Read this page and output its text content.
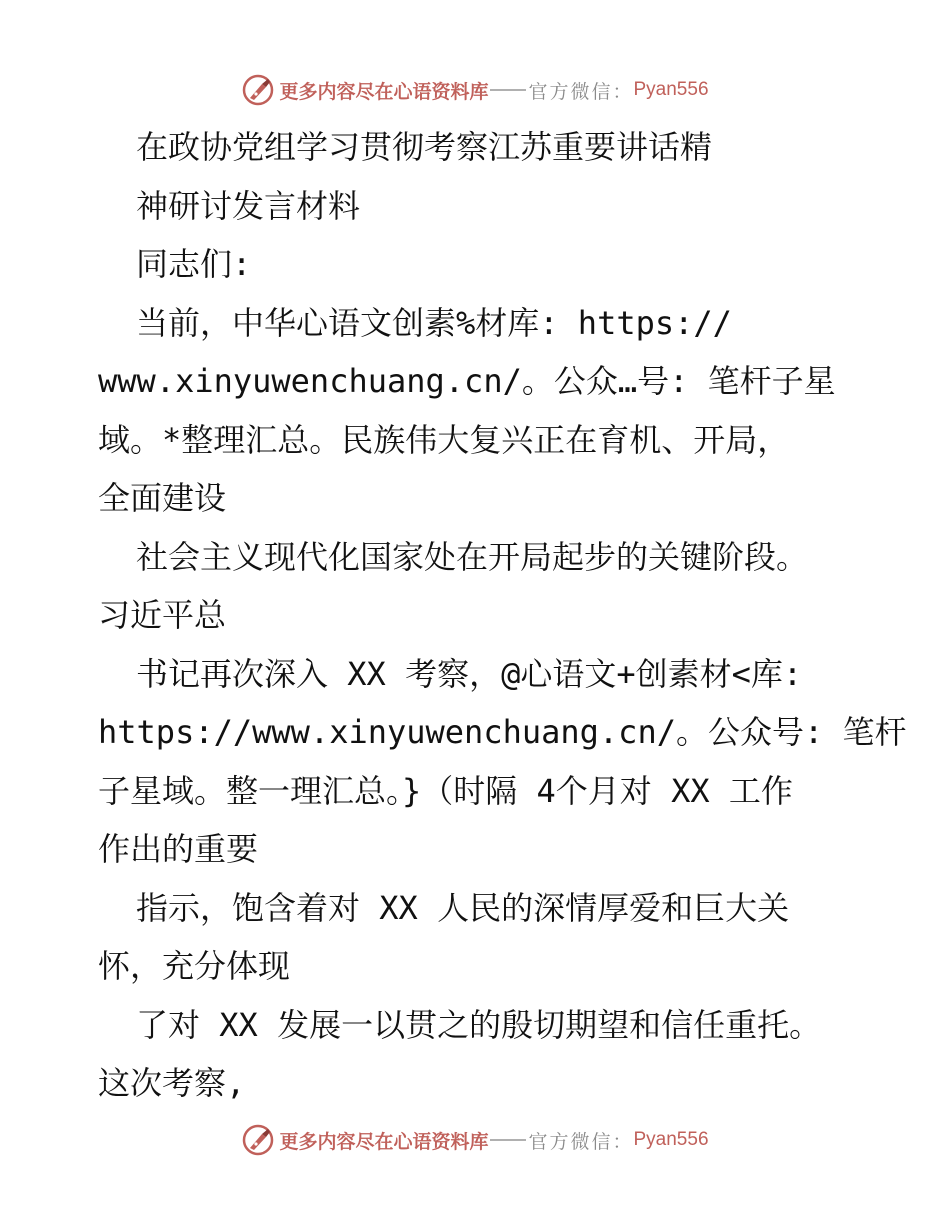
更多内容尽在心语资料库 官方微信： Pyan556
在政协党组学习贯彻考察江苏重要讲话精
神研讨发言材料
同志们:
当前，中华心语文创素%材库: https://
www.xinyuwenchuang.cn/。公众…号: 笔杆子星
域。*整理汇总。民族伟大复兴正在育机、开局，
全面建设
社会主义现代化国家处在开局起步的关键阶段。
习近平总
书记再次深入 XX 考察，@心语文+创素材<库:
https://www.xinyuwenchuang.cn/。公众号: 笔杆
子星域。整一理汇总。}（时隔 4个月对 XX 工作
作出的重要
指示，饱含着对 XX 人民的深情厚爱和巨大关
怀，充分体现
了对 XX 发展一以贯之的殷切期望和信任重托。
这次考察,
更多内容尽在心语资料库 官方微信： Pyan556
